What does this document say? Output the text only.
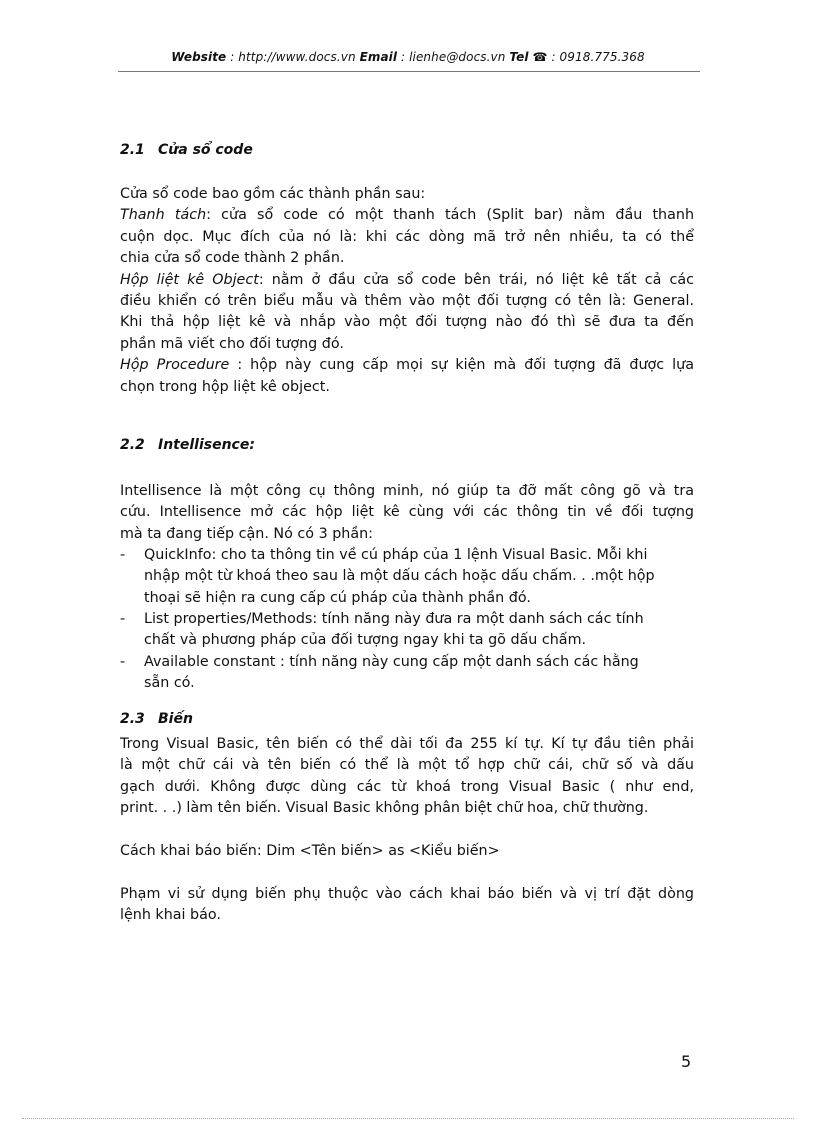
Website : http://www.docs.vn Email : lienhe@docs.vn Tel ☎ : 0918.775.368
2.1 Cửa sổ code
Cửa sổ code bao gồm các thành phần sau:
Thanh tách: cửa sổ code có một thanh tách (Split bar) nằm đầu thanh
cuộn dọc. Mục đích của nó là: khi các dòng mã trở nên nhiều, ta có thể
chia cửa sổ code thành 2 phần.
Hộp liệt kê Object: nằm ở đầu cửa sổ code bên trái, nó liệt kê tất cả các
điều khiển có trên biểu mẫu và thêm vào một đối tượng có tên là: General.
Khi thả hộp liệt kê và nhắp vào một đối tượng nào đó thì sẽ đưa ta đến
phần mã viết cho đối tượng đó.
Hộp Procedure : hộp này cung cấp mọi sự kiện mà đối tượng đã được lựa
chọn trong hộp liệt kê object.
2.2 Intellisence:
Intellisence là một công cụ thông minh, nó giúp ta đỡ mất công gõ và tra
cứu. Intellisence mở các hộp liệt kê cùng với các thông tin về đối tượng
mà ta đang tiếp cận. Nó có 3 phần:
- QuickInfo: cho ta thông tin về cú pháp của 1 lệnh Visual Basic. Mỗi khi
nhập một từ khoá theo sau là một dấu cách hoặc dấu chấm. . .một hộp
thoại sẽ hiện ra cung cấp cú pháp của thành phần đó.
- List properties/Methods: tính năng này đưa ra một danh sách các tính
chất và phương pháp của đối tượng ngay khi ta gõ dấu chấm.
- Available constant : tính năng này cung cấp một danh sách các hằng
sẵn có.
2.3 Biến
Trong Visual Basic, tên biến có thể dài tối đa 255 kí tự. Kí tự đầu tiên phải
là một chữ cái và tên biến có thể là một tổ hợp chữ cái, chữ số và dấu
gạch dưới. Không được dùng các từ khoá trong Visual Basic ( như end,
print. . .) làm tên biến. Visual Basic không phân biệt chữ hoa, chữ thường.
Cách khai báo biến: Dim <Tên biến> as <Kiểu biến>
Phạm vi sử dụng biến phụ thuộc vào cách khai báo biến và vị trí đặt dòng
lệnh khai báo.
5
